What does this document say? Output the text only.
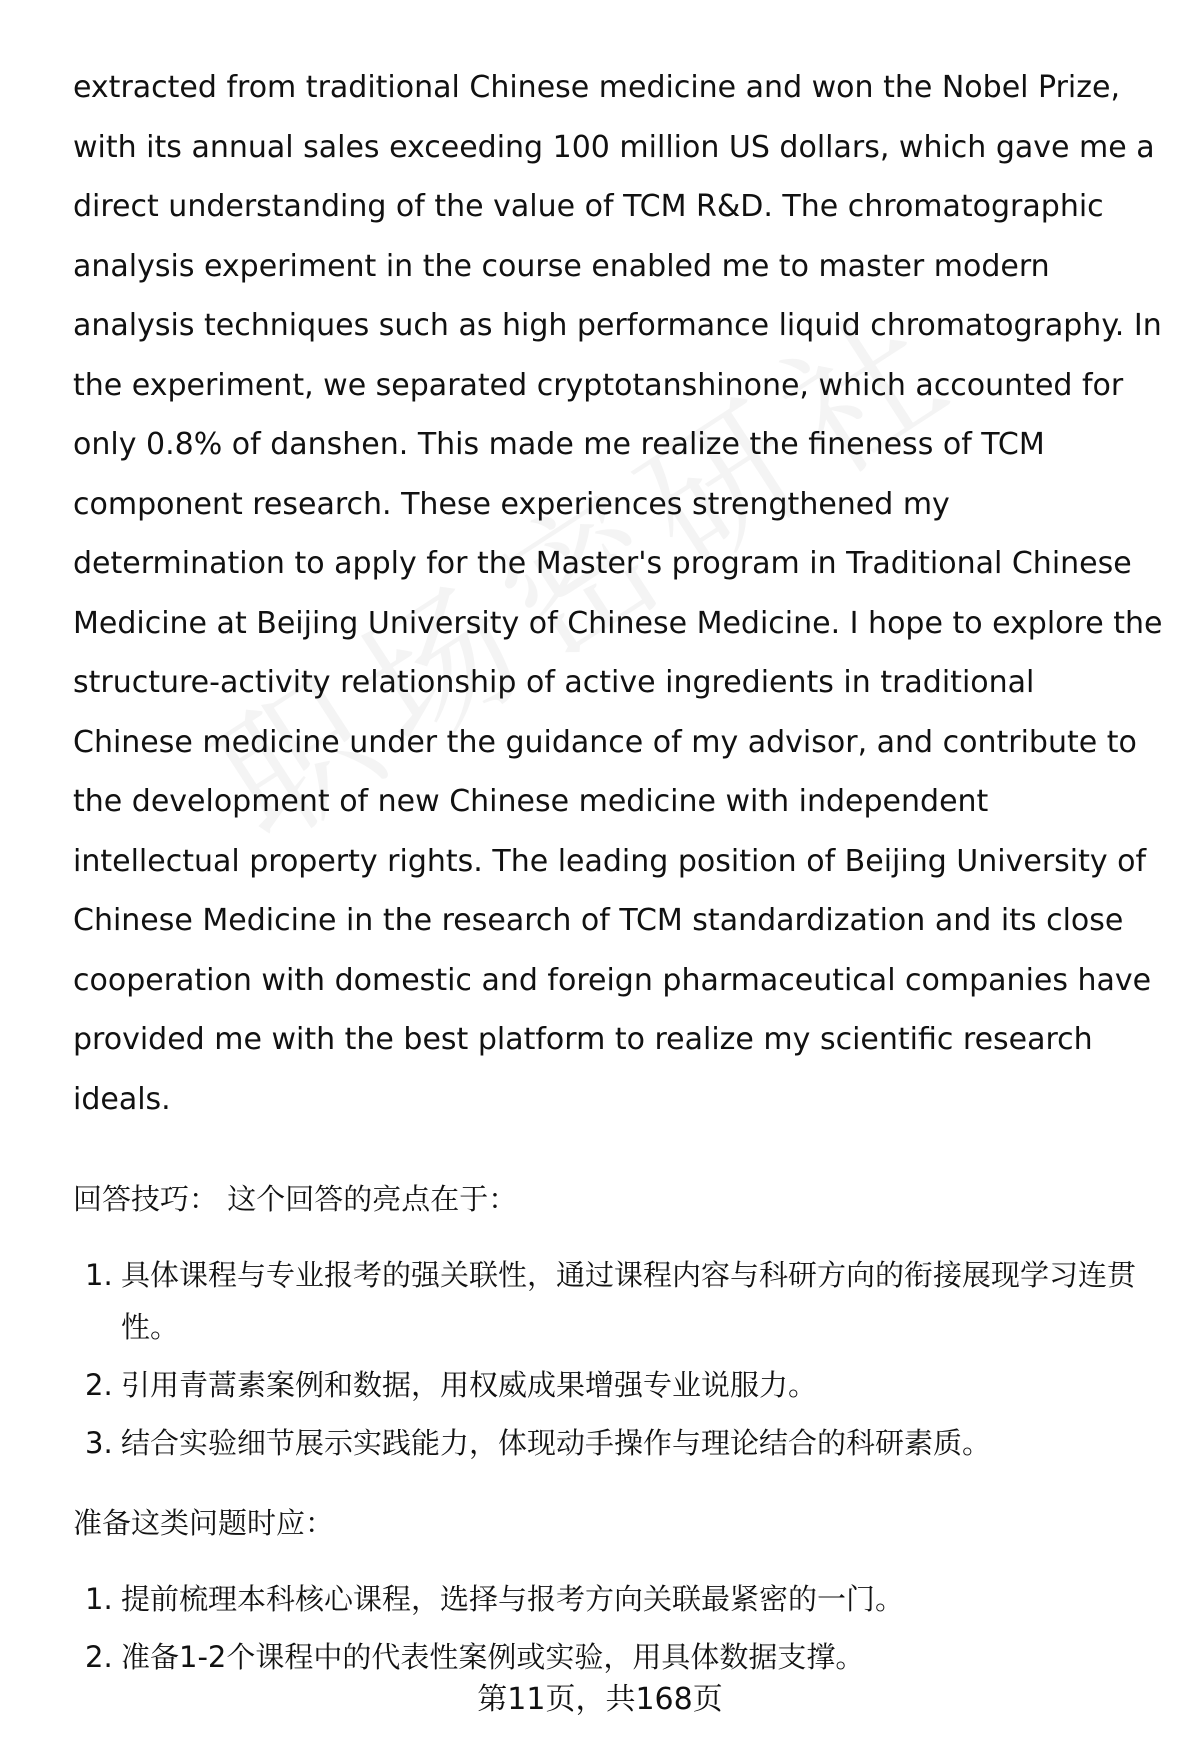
extracted from traditional Chinese medicine and won the Nobel Prize, with its annual sales exceeding 100 million US dollars, which gave me a direct understanding of the value of TCM R&D. The chromatographic analysis experiment in the course enabled me to master modern analysis techniques such as high performance liquid chromatography. In the experiment, we separated cryptotanshinone, which accounted for only 0.8% of danshen. This made me realize the fineness of TCM component research. These experiences strengthened my determination to apply for the Master's program in Traditional Chinese Medicine at Beijing University of Chinese Medicine. I hope to explore the structure-activity relationship of active ingredients in traditional Chinese medicine under the guidance of my advisor, and contribute to the development of new Chinese medicine with independent intellectual property rights. The leading position of Beijing University of Chinese Medicine in the research of TCM standardization and its close cooperation with domestic and foreign pharmaceutical companies have provided me with the best platform to realize my scientific research ideals.

回答技巧： 这个回答的亮点在于：
1. 具体课程与专业报考的强关联性，通过课程内容与科研方向的衔接展现学习连贯性。
2. 引用青蒿素案例和数据，用权威成果增强专业说服力。
3. 结合实验细节展示实践能力，体现动手操作与理论结合的科研素质。
准备这类问题时应：
1. 提前梳理本科核心课程，选择与报考方向关联最紧密的一门。
2. 准备1-2个课程中的代表性案例或实验，用具体数据支撑。
第11页，共168页
